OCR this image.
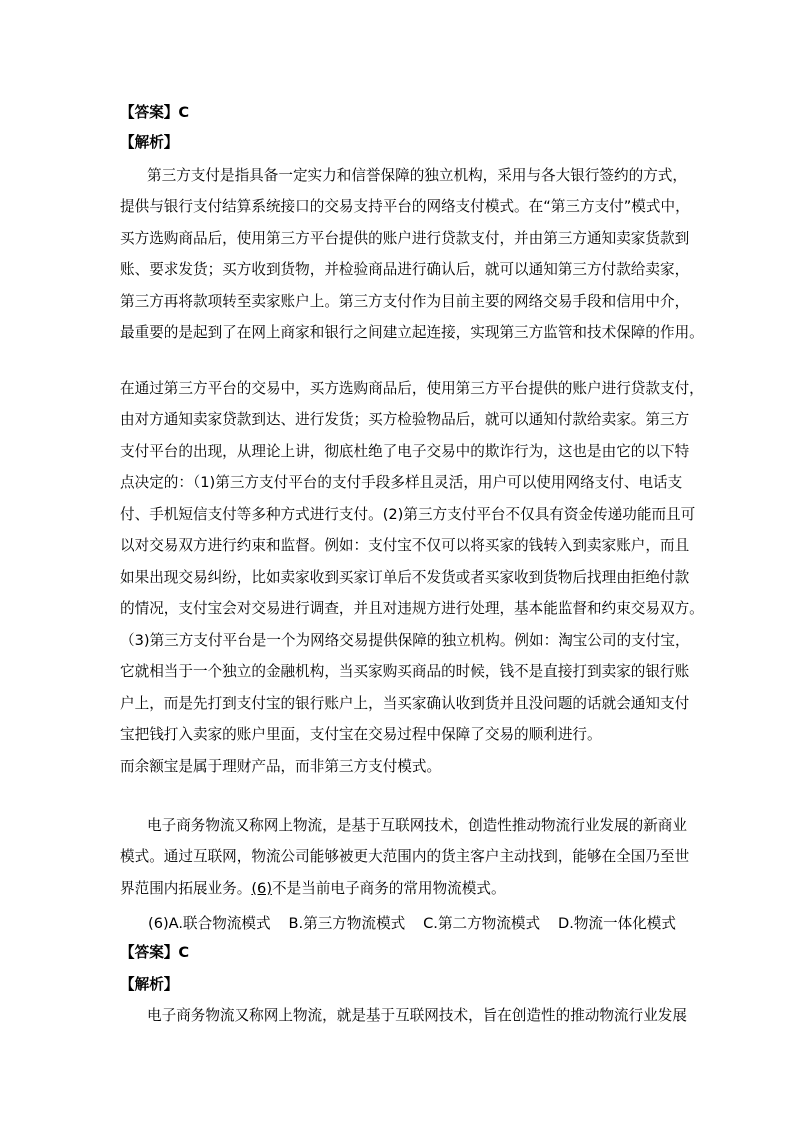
【答案】C
【解析】
第三方支付是指具备一定实力和信誉保障的独立机构，采用与各大银行签约的方式，
提供与银行支付结算系统接口的交易支持平台的网络支付模式。在“第三方支付”模式中，
买方选购商品后，使用第三方平台提供的账户进行贷款支付，并由第三方通知卖家货款到
账、要求发货；买方收到货物，并检验商品进行确认后，就可以通知第三方付款给卖家，
第三方再将款项转至卖家账户上。第三方支付作为目前主要的网络交易手段和信用中介，
最重要的是起到了在网上商家和银行之间建立起连接，实现第三方监管和技术保障的作用。
在通过第三方平台的交易中，买方选购商品后，使用第三方平台提供的账户进行贷款支付，
由对方通知卖家贷款到达、进行发货；买方检验物品后，就可以通知付款给卖家。第三方
支付平台的出现，从理论上讲，彻底杜绝了电子交易中的欺诈行为，这也是由它的以下特
点决定的：（1)第三方支付平台的支付手段多样且灵活，用户可以使用网络支付、电话支
付、手机短信支付等多种方式进行支付。(2)第三方支付平台不仅具有资金传递功能而且可
以对交易双方进行约束和监督。例如：支付宝不仅可以将买家的钱转入到卖家账户，而且
如果出现交易纠纷，比如卖家收到买家订单后不发货或者买家收到货物后找理由拒绝付款
的情况，支付宝会对交易进行调查，并且对违规方进行处理，基本能监督和约束交易双方。
（3)第三方支付平台是一个为网络交易提供保障的独立机构。例如：淘宝公司的支付宝，
它就相当于一个独立的金融机构，当买家购买商品的时候，钱不是直接打到卖家的银行账
户上，而是先打到支付宝的银行账户上，当买家确认收到货并且没问题的话就会通知支付
宝把钱打入卖家的账户里面，支付宝在交易过程中保障了交易的顺利进行。
而余额宝是属于理财产品，而非第三方支付模式。
电子商务物流又称网上物流，是基于互联网技术，创造性推动物流行业发展的新商业
模式。通过互联网，物流公司能够被更大范围内的货主客户主动找到，能够在全国乃至世
界范围内拓展业务。(6)不是当前电子商务的常用物流模式。
(6)A.联合物流模式 B.第三方物流模式 C.第二方物流模式 D.物流一体化模式
【答案】C
【解析】
电子商务物流又称网上物流，就是基于互联网技术，旨在创造性的推动物流行业发展
